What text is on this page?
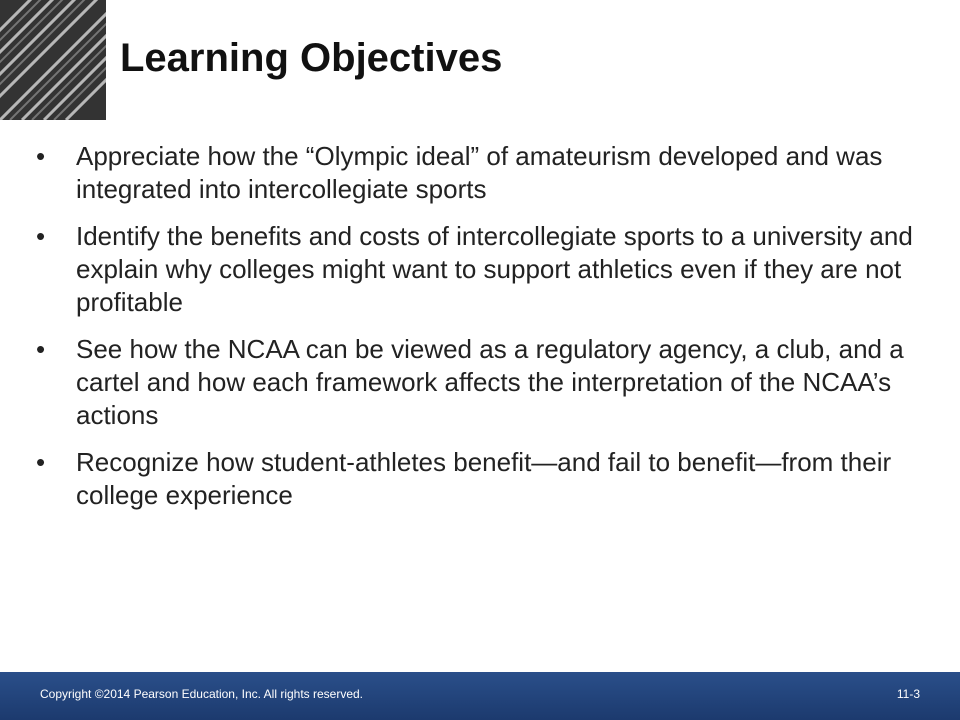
Learning Objectives
•	Appreciate how the “Olympic ideal” of amateurism developed and was integrated into intercollegiate sports
•	Identify the benefits and costs of intercollegiate sports to a university and explain why colleges might want to support athletics even if they are not profitable
•	See how the NCAA can be viewed as a regulatory agency, a club, and a cartel and how each framework affects the interpretation of the NCAA’s actions
•	Recognize how student-athletes benefit—and fail to benefit—from their college experience
Copyright ©2014 Pearson Education, Inc. All rights reserved.	11-3
